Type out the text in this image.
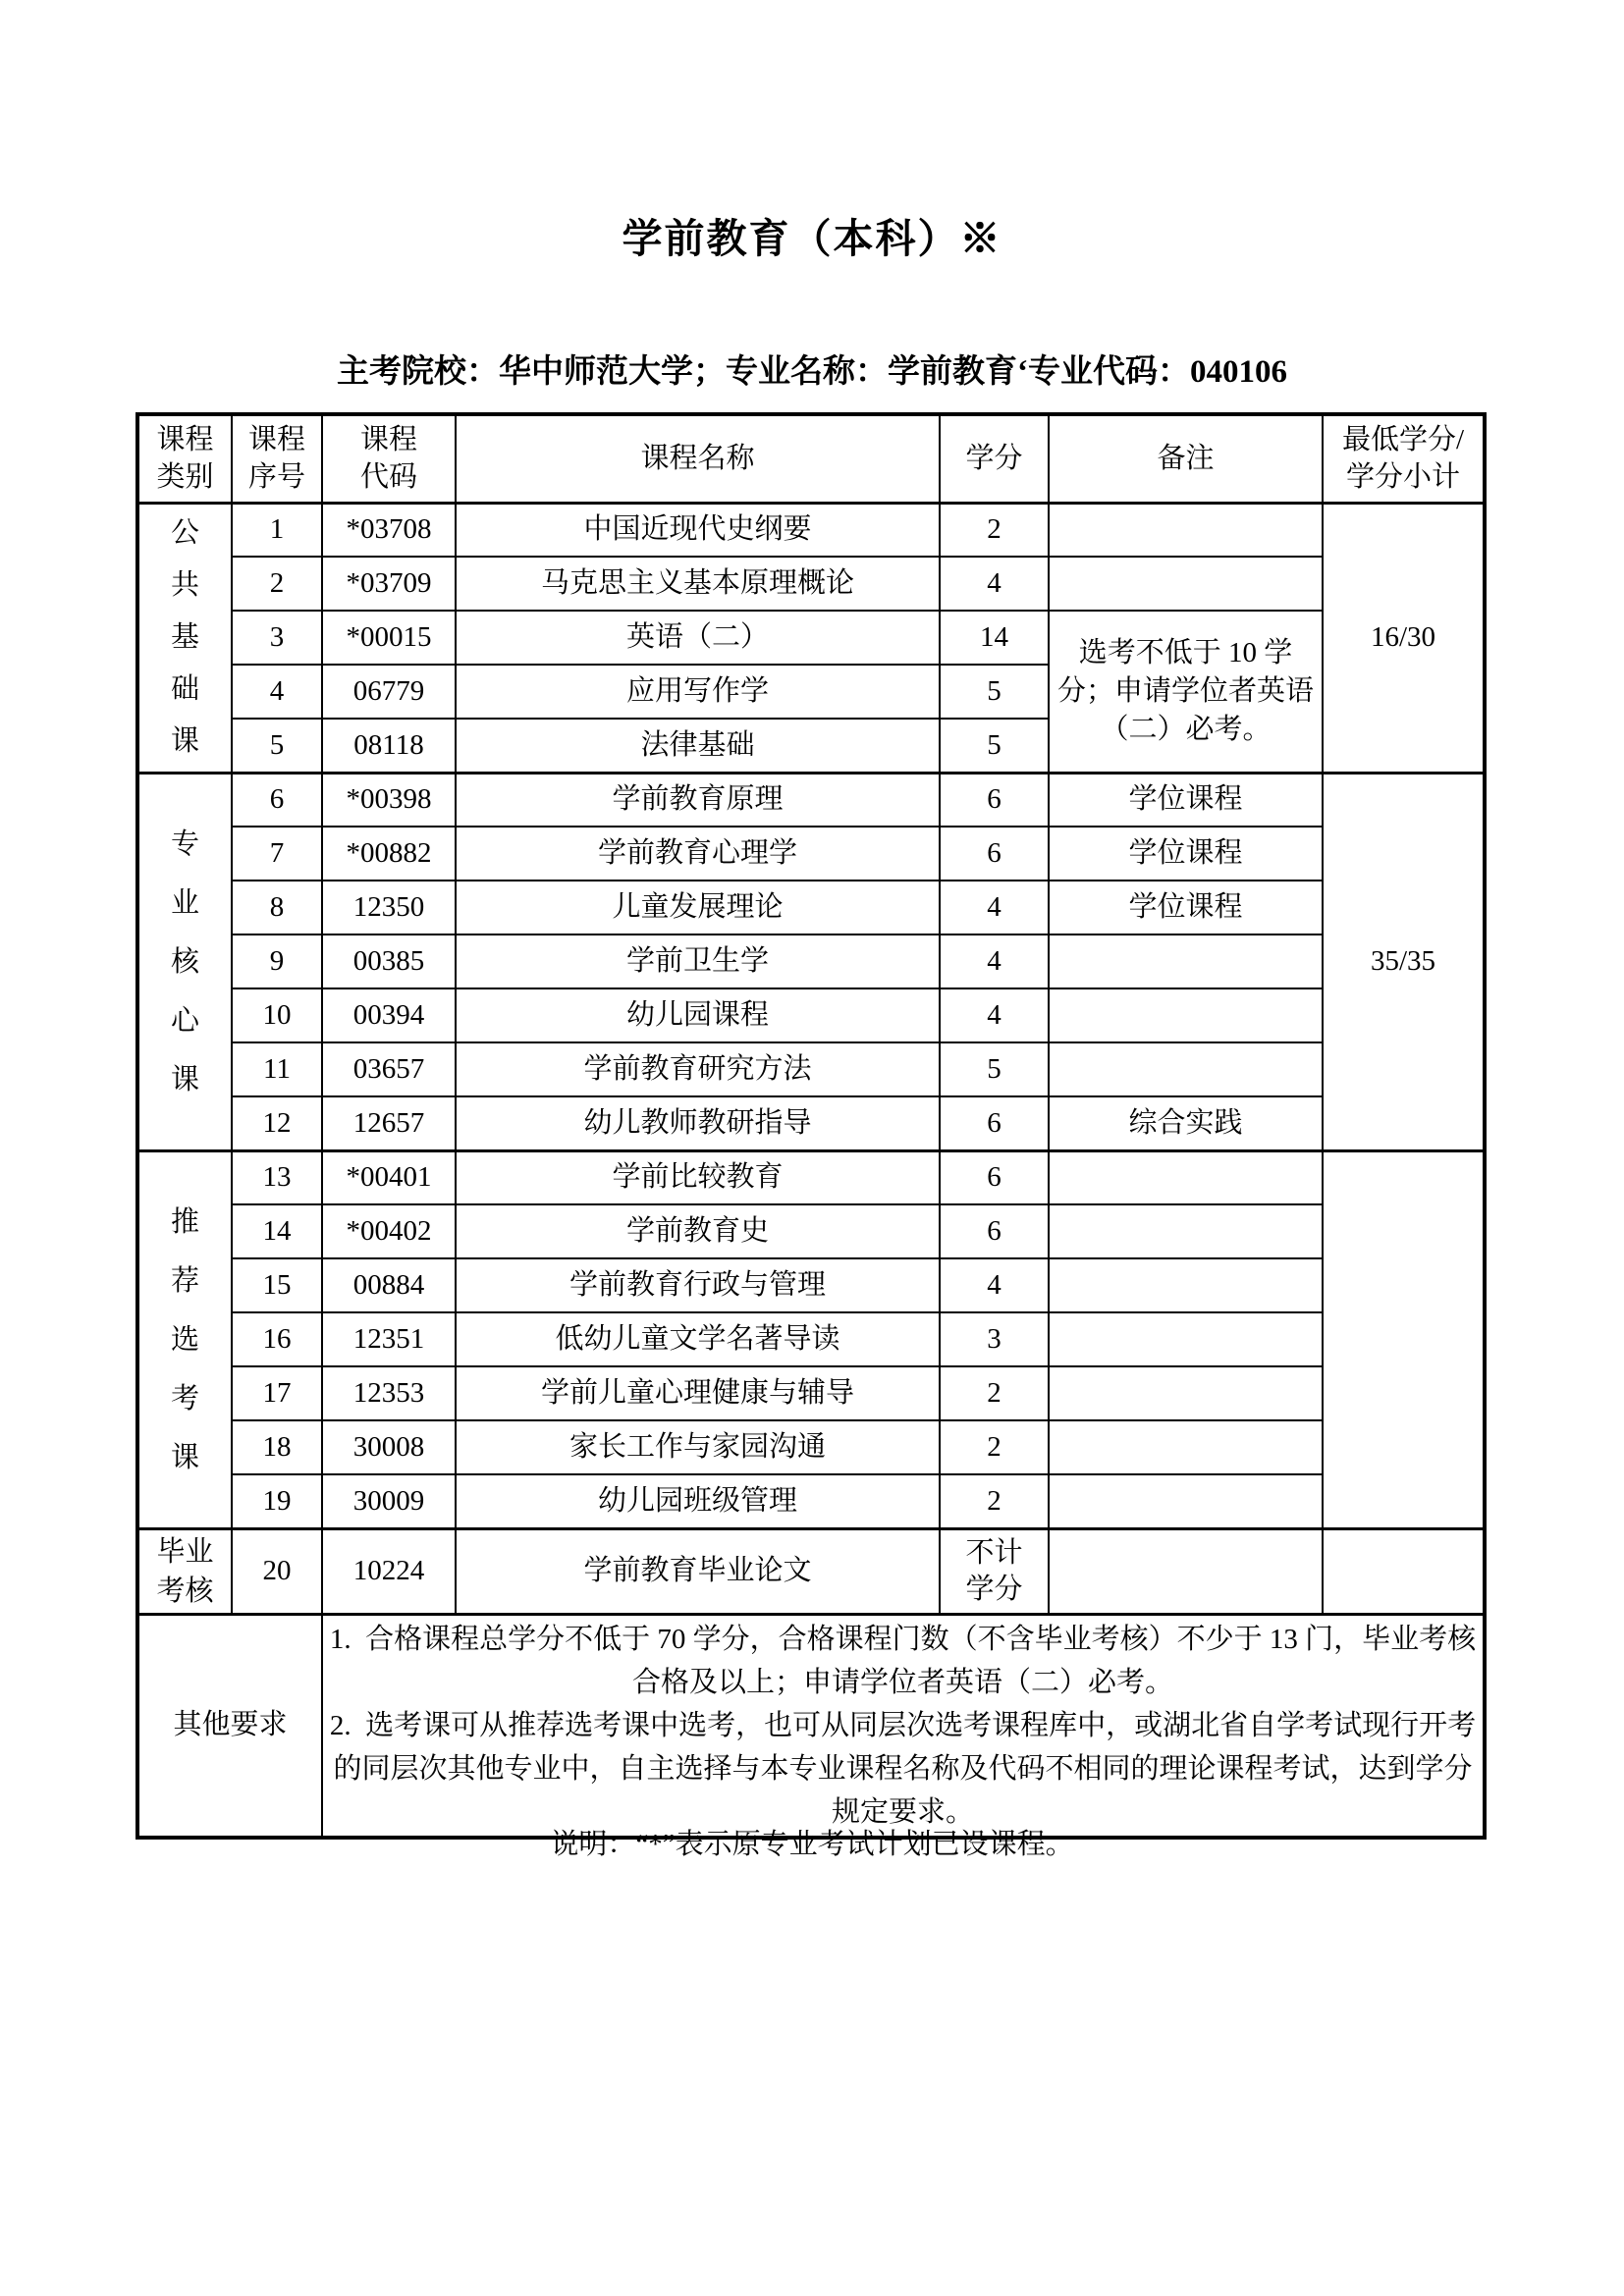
学前教育（本科）※
主考院校：华中师范大学；专业名称：学前教育‘专业代码：040106
课程类别	课程序号	课程代码	课程名称	学分	备注	最低学分/学分小计
公共基础课	1	*03708	中国近现代史纲要	2		16/30
	2	*03709	马克思主义基本原理概论	4		
	3	*00015	英语（二）	14	选考不低于 10 学分；申请学位者英语（二）必考。	
	4	06779	应用写作学	5		
	5	08118	法律基础	5		
专业核心课	6	*00398	学前教育原理	6	学位课程	35/35
	7	*00882	学前教育心理学	6	学位课程	
	8	12350	儿童发展理论	4	学位课程	
	9	00385	学前卫生学	4		
	10	00394	幼儿园课程	4		
	11	03657	学前教育研究方法	5		
	12	12657	幼儿教师教研指导	6	综合实践	
推荐选考课	13	*00401	学前比较教育	6		
	14	*00402	学前教育史	6		
	15	00884	学前教育行政与管理	4		
	16	12351	低幼儿童文学名著导读	3		
	17	12353	学前儿童心理健康与辅导	2		
	18	30008	家长工作与家园沟通	2		
	19	30009	幼儿园班级管理	2		
毕业考核	20	10224	学前教育毕业论文	不计学分		
其他要求		1. 合格课程总学分不低于 70 学分，合格课程门数（不含毕业考核）不少于 13 门，毕业考核合格及以上；申请学位者英语（二）必考。

2. 选考课可从推荐选考课中选考，也可从同层次选考课程库中，或湖北省自学考试现行开考的同层次其他专业中，自主选择与本专业课程名称及代码不相同的理论课程考试，达到学分规定要求。				

说明：“*”表示原专业考试计划已设课程。
